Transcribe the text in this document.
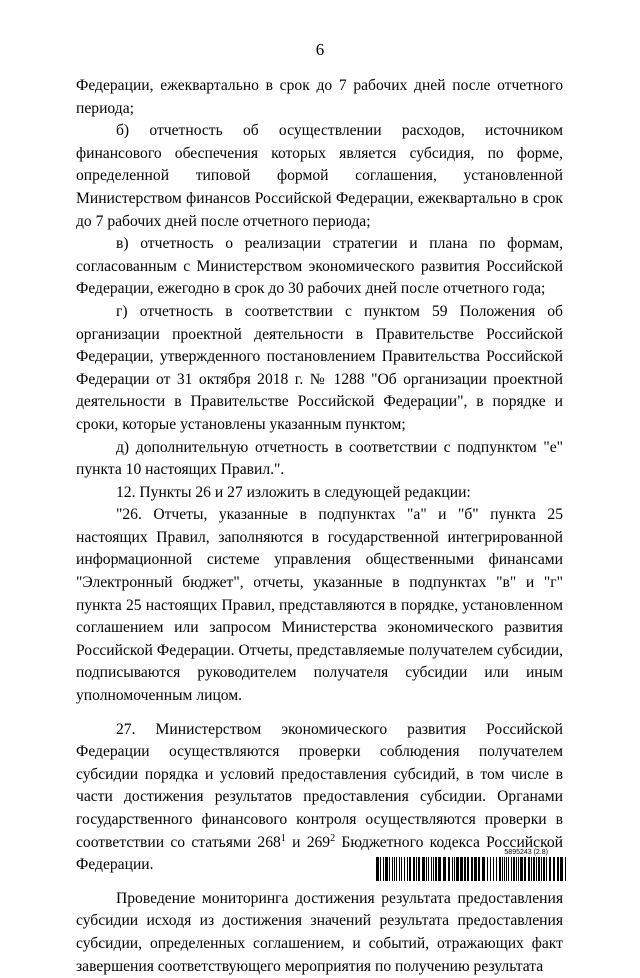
6

Федерации, ежеквартально в срок до 7 рабочих дней после отчетного периода;

б) отчетность об осуществлении расходов, источником финансового обеспечения которых является субсидия, по форме, определенной типовой формой соглашения, установленной Министерством финансов Российской Федерации, ежеквартально в срок до 7 рабочих дней после отчетного периода;

в) отчетность о реализации стратегии и плана по формам, согласованным с Министерством экономического развития Российской Федерации, ежегодно в срок до 30 рабочих дней после отчетного года;

г) отчетность в соответствии с пунктом 59 Положения об организации проектной деятельности в Правительстве Российской Федерации, утвержденного постановлением Правительства Российской Федерации от 31 октября 2018 г. № 1288 "Об организации проектной деятельности в Правительстве Российской Федерации", в порядке и сроки, которые установлены указанным пунктом;

д) дополнительную отчетность в соответствии с подпунктом "е" пункта 10 настоящих Правил.".

12. Пункты 26 и 27 изложить в следующей редакции:

"26. Отчеты, указанные в подпунктах "а" и "б" пункта 25 настоящих Правил, заполняются в государственной интегрированной информационной системе управления общественными финансами "Электронный бюджет", отчеты, указанные в подпунктах "в" и "г" пункта 25 настоящих Правил, представляются в порядке, установленном соглашением или запросом Министерства экономического развития Российской Федерации. Отчеты, представляемые получателем субсидии, подписываются руководителем получателя субсидии или иным уполномоченным лицом.

27. Министерством экономического развития Российской Федерации осуществляются проверки соблюдения получателем субсидии порядка и условий предоставления субсидий, в том числе в части достижения результатов предоставления субсидии. Органами государственного финансового контроля осуществляются проверки в соответствии со статьями $268^1$ и $269^2$ Бюджетного кодекса Российской Федерации.

Проведение мониторинга достижения результата предоставления субсидии исходя из достижения значений результата предоставления субсидии, определенных соглашением, и событий, отражающих факт завершения соответствующего мероприятия по получению результата

5895243 (2.8)
